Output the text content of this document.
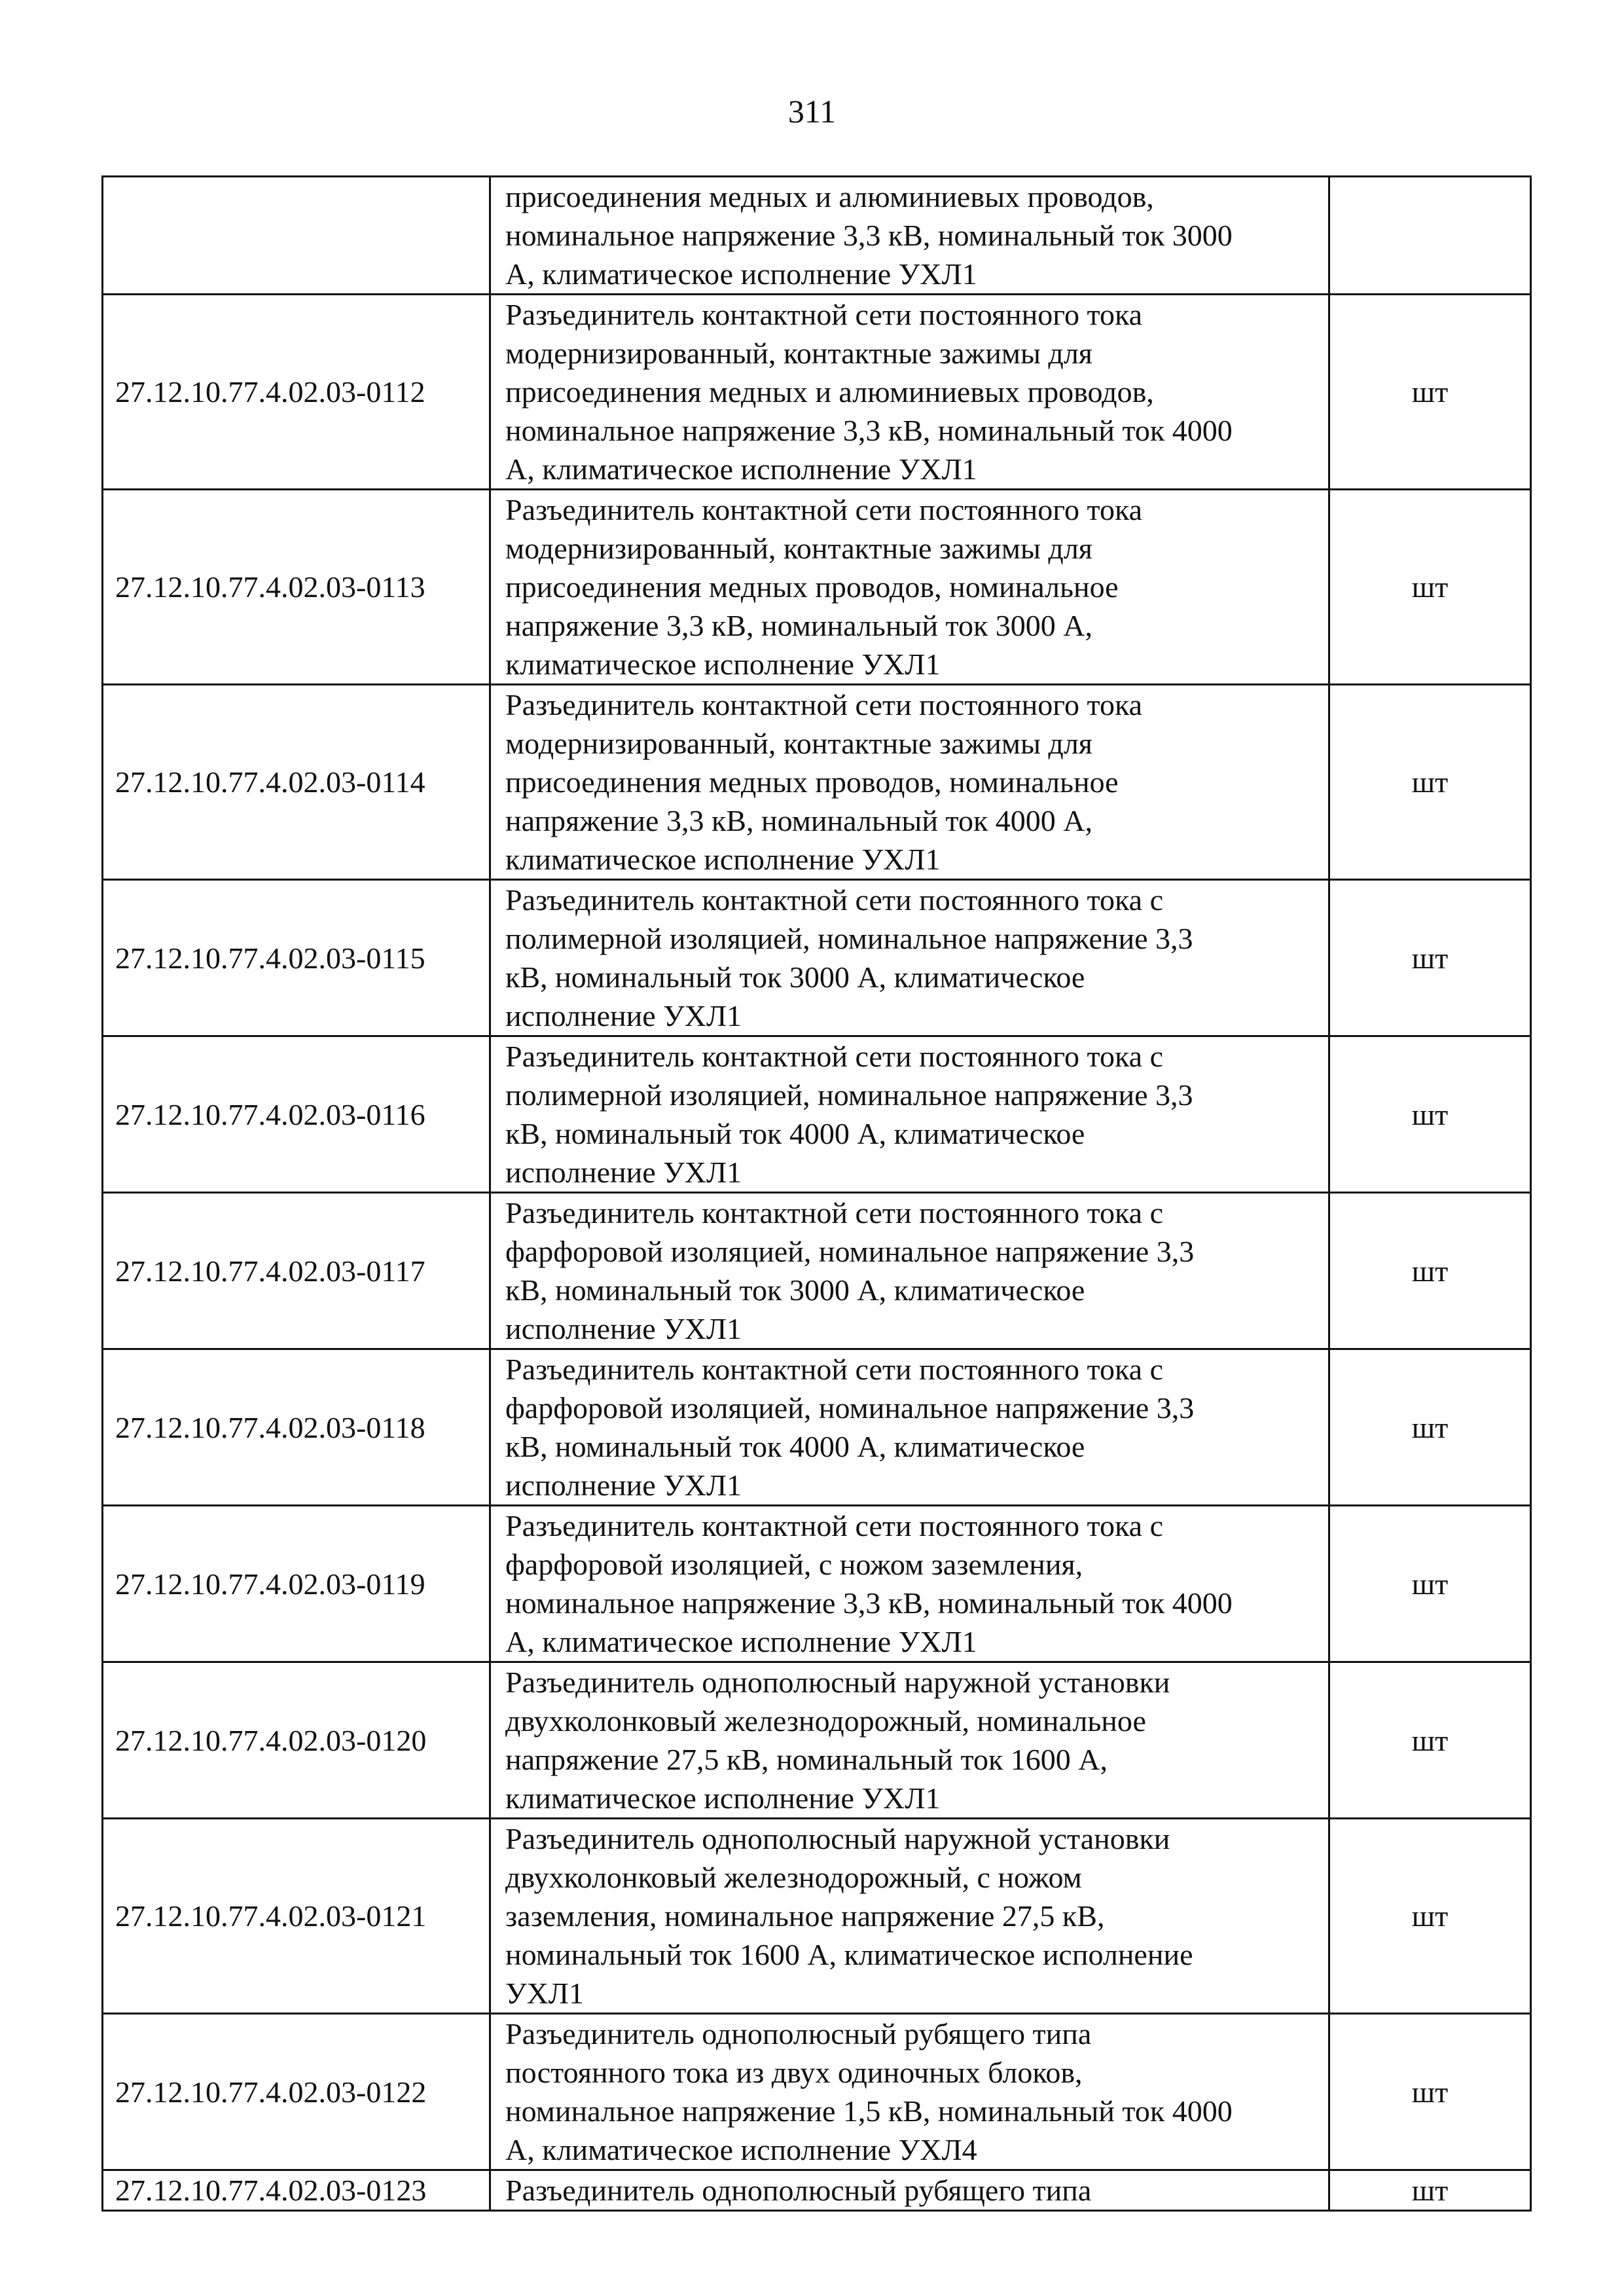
311

	присоединения медных и алюминиевых проводов,
номинальное напряжение 3,3 кВ, номинальный ток 3000
А, климатическое исполнение УХЛ1	

27.12.10.77.4.02.03-0112	Разъединитель контактной сети постоянного тока
модернизированный, контактные зажимы для
присоединения медных и алюминиевых проводов,
номинальное напряжение 3,3 кВ, номинальный ток 4000
А, климатическое исполнение УХЛ1	шт
27.12.10.77.4.02.03-0113	Разъединитель контактной сети постоянного тока
модернизированный, контактные зажимы для
присоединения медных проводов, номинальное
напряжение 3,3 кВ, номинальный ток 3000 А,
климатическое исполнение УХЛ1	шт
27.12.10.77.4.02.03-0114	Разъединитель контактной сети постоянного тока
модернизированный, контактные зажимы для
присоединения медных проводов, номинальное
напряжение 3,3 кВ, номинальный ток 4000 А,
климатическое исполнение УХЛ1	шт
27.12.10.77.4.02.03-0115	Разъединитель контактной сети постоянного тока с
полимерной изоляцией, номинальное напряжение 3,3
кВ, номинальный ток 3000 А, климатическое
исполнение УХЛ1	шт
27.12.10.77.4.02.03-0116	Разъединитель контактной сети постоянного тока с
полимерной изоляцией, номинальное напряжение 3,3
кВ, номинальный ток 4000 А, климатическое
исполнение УХЛ1	шт
27.12.10.77.4.02.03-0117	Разъединитель контактной сети постоянного тока с
фарфоровой изоляцией, номинальное напряжение 3,3
кВ, номинальный ток 3000 А, климатическое
исполнение УХЛ1	шт
27.12.10.77.4.02.03-0118	Разъединитель контактной сети постоянного тока с
фарфоровой изоляцией, номинальное напряжение 3,3
кВ, номинальный ток 4000 А, климатическое
исполнение УХЛ1	шт
27.12.10.77.4.02.03-0119	Разъединитель контактной сети постоянного тока с
фарфоровой изоляцией, с ножом заземления,
номинальное напряжение 3,3 кВ, номинальный ток 4000
А, климатическое исполнение УХЛ1	шт
27.12.10.77.4.02.03-0120	Разъединитель однополюсный наружной установки
двухколонковый железнодорожный, номинальное
напряжение 27,5 кВ, номинальный ток 1600 А,
климатическое исполнение УХЛ1	шт
27.12.10.77.4.02.03-0121	Разъединитель однополюсный наружной установки
двухколонковый железнодорожный, с ножом
заземления, номинальное напряжение 27,5 кВ,
номинальный ток 1600 А, климатическое исполнение
УХЛ1	шт
27.12.10.77.4.02.03-0122	Разъединитель однополюсный рубящего типа
постоянного тока из двух одиночных блоков,
номинальное напряжение 1,5 кВ, номинальный ток 4000
А, климатическое исполнение УХЛ4	шт
27.12.10.77.4.02.03-0123	Разъединитель однополюсный рубящего типа	шт
